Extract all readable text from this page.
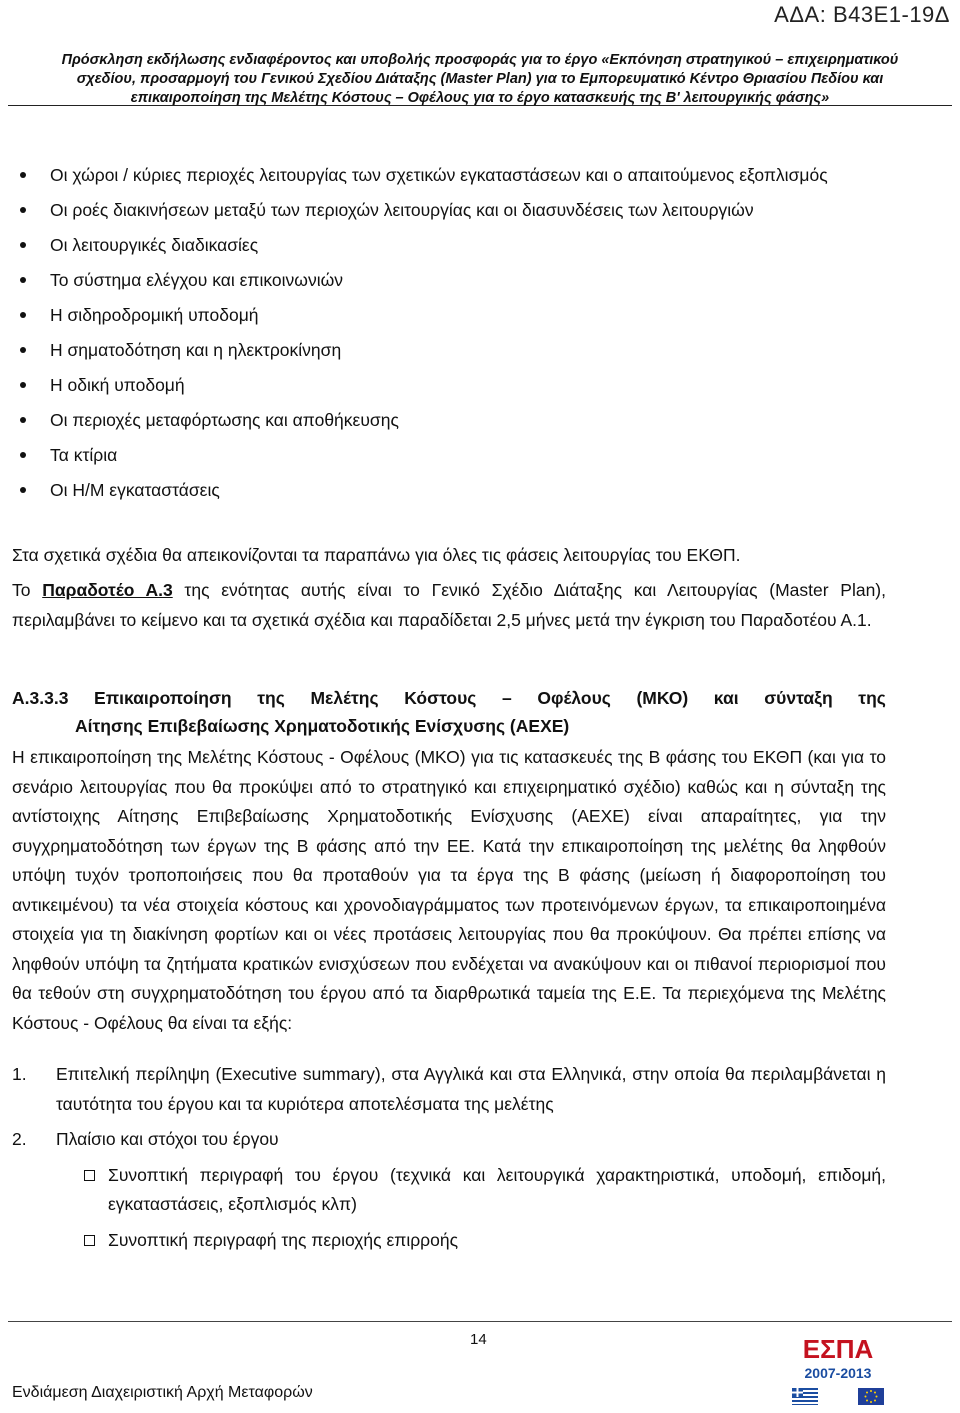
ΑΔΑ: Β43Ε1-19Δ
Πρόσκληση εκδήλωσης ενδιαφέροντος και υποβολής προσφοράς για το έργο «Εκπόνηση στρατηγικού – επιχειρηματικού
σχεδίου, προσαρμογή του Γενικού Σχεδίου Διάταξης (Master Plan) για το Εμπορευματικό Κέντρο Θριασίου Πεδίου και
επικαιροποίηση της Μελέτης Κόστους – Οφέλους για το έργο κατασκευής της Β' λειτουργικής φάσης»
Οι χώροι / κύριες περιοχές λειτουργίας των σχετικών εγκαταστάσεων και ο απαιτούμενος εξοπλισμός
Οι ροές διακινήσεων μεταξύ των περιοχών λειτουργίας και οι διασυνδέσεις των λειτουργιών
Οι λειτουργικές διαδικασίες
Το σύστημα ελέγχου και επικοινωνιών
Η σιδηροδρομική υποδομή
Η σηματοδότηση και η ηλεκτροκίνηση
Η οδική υποδομή
Οι περιοχές μεταφόρτωσης και αποθήκευσης
Τα κτίρια
Οι Η/Μ εγκαταστάσεις
Στα σχετικά σχέδια θα απεικονίζονται τα παραπάνω για όλες τις φάσεις λειτουργίας του ΕΚΘΠ.
Το Παραδοτέο Α.3 της ενότητας αυτής είναι το Γενικό Σχέδιο Διάταξης και Λειτουργίας (Master Plan), περιλαμβάνει το κείμενο και τα σχετικά σχέδια και παραδίδεται 2,5 μήνες μετά την έγκριση του Παραδοτέου Α.1.
Α.3.3.3 Επικαιροποίηση της Μελέτης Κόστους – Οφέλους (ΜΚΟ) και σύνταξη της
Αίτησης Επιβεβαίωσης Χρηματοδοτικής Ενίσχυσης (ΑΕΧΕ)
Η επικαιροποίηση της Μελέτης Κόστους - Οφέλους (ΜΚΟ) για τις κατασκευές της Β φάσης του ΕΚΘΠ (και για το σενάριο λειτουργίας που θα προκύψει από το στρατηγικό και επιχειρηματικό σχέδιο) καθώς και η σύνταξη της αντίστοιχης Αίτησης Επιβεβαίωσης Χρηματοδοτικής Ενίσχυσης (ΑΕΧΕ) είναι απαραίτητες, για την συγχρηματοδότηση των έργων της Β φάσης από την ΕΕ. Κατά την επικαιροποίηση της μελέτης θα ληφθούν υπόψη τυχόν τροποποιήσεις που θα προταθούν για τα έργα της Β φάσης (μείωση ή διαφοροποίηση του αντικειμένου) τα νέα στοιχεία κόστους και χρονοδιαγράμματος των προτεινόμενων έργων, τα επικαιροποιημένα στοιχεία για τη διακίνηση φορτίων και οι νέες προτάσεις λειτουργίας που θα προκύψουν. Θα πρέπει επίσης να ληφθούν υπόψη τα ζητήματα κρατικών ενισχύσεων που ενδέχεται να ανακύψουν και οι πιθανοί περιορισμοί που θα τεθούν στη συγχρηματοδότηση του έργου από τα διαρθρωτικά ταμεία της Ε.Ε. Τα περιεχόμενα της Μελέτης Κόστους - Οφέλους θα είναι τα εξής:
1. Επιτελική περίληψη (Executive summary), στα Αγγλικά και στα Ελληνικά, στην οποία θα περιλαμβάνεται η ταυτότητα του έργου και τα κυριότερα αποτελέσματα της μελέτης
2. Πλαίσιο και στόχοι του έργου
Συνοπτική περιγραφή του έργου (τεχνικά και λειτουργικά χαρακτηριστικά, υποδομή, επιδομή, εγκαταστάσεις, εξοπλισμός κλπ)
Συνοπτική περιγραφή της περιοχής επιρροής
14
Ενδιάμεση Διαχειριστική Αρχή Μεταφορών
ΕΣΠΑ
2007-2013
